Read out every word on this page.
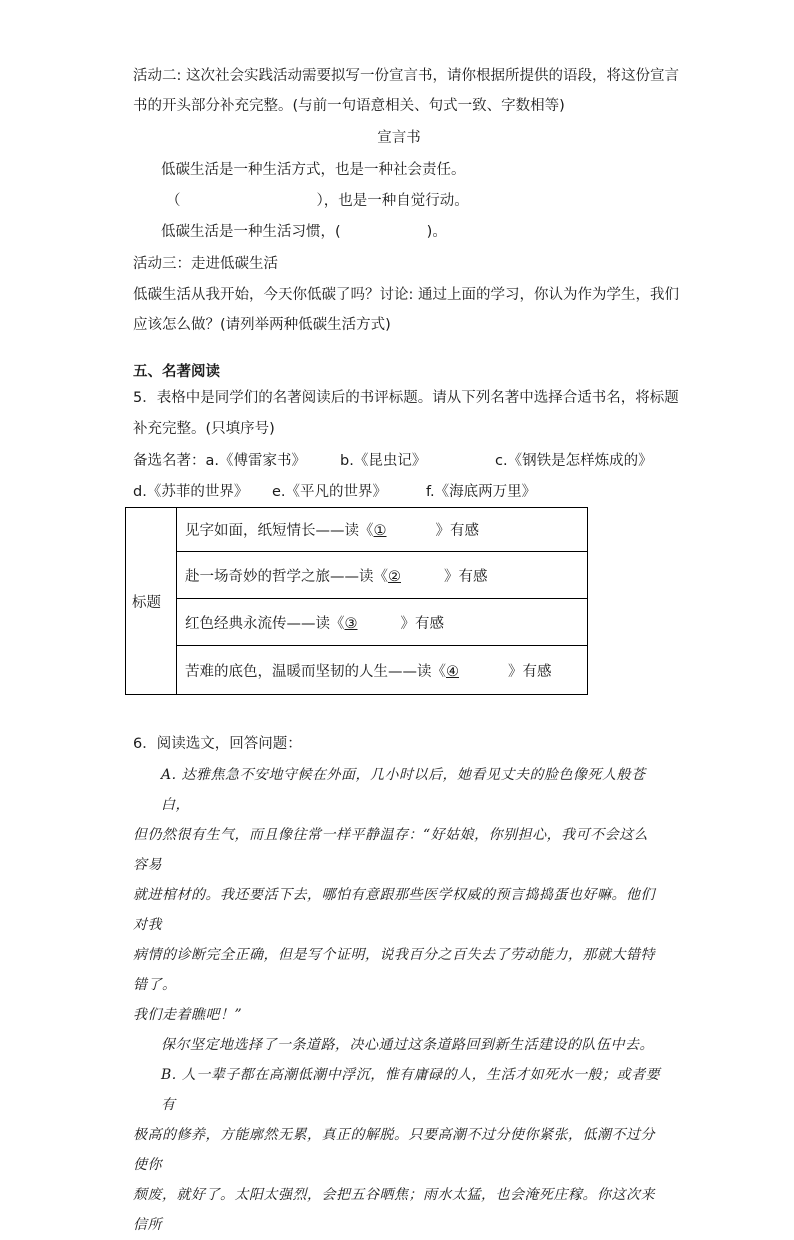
活动二: 这次社会实践活动需要拟写一份宣言书，请你根据所提供的语段，将这份宣言
书的开头部分补充完整。(与前一句语意相关、句式一致、字数相等)
宣言书
低碳生活是一种生活方式，也是一种社会责任。
（	），也是一种自觉行动。
低碳生活是一种生活习惯，(	)。
活动三：走进低碳生活
低碳生活从我开始，今天你低碳了吗？讨论: 通过上面的学习，你认为作为学生，我们
应该怎么做？(请列举两种低碳生活方式)
五、名著阅读
5．表格中是同学们的名著阅读后的书评标题。请从下列名著中选择合适书名，将标题
补充完整。(只填序号)
备选名著：a.《傅雷家书》 b.《昆虫记》	c.《钢铁是怎样炼成的》
d.《苏菲的世界》 e.《平凡的世界》	f.《海底两万里》
标题	见字如面，纸短情长——读《①	》有感
赴一场奇妙的哲学之旅——读《②	》有感
红色经典永流传——读《③	》有感
苦难的底色，温暖而坚韧的人生——读《④	》有感
6．阅读选文，回答问题：
A. 达雅焦急不安地守候在外面，几小时以后，她看见丈夫的脸色像死人般苍白，
但仍然很有生气，而且像往常一样平静温存：“好姑娘，你别担心，我可不会这么容易
就进棺材的。我还要活下去，哪怕有意跟那些医学权威的预言捣捣蛋也好嘛。他们对我
病情的诊断完全正确，但是写个证明，说我百分之百失去了劳动能力，那就大错特错了。
我们走着瞧吧！”
保尔坚定地选择了一条道路，决心通过这条道路回到新生活建设的队伍中去。
B. 人一辈子都在高潮低潮中浮沉，惟有庸碌的人，生活才如死水一般；或者要有
极高的修养，方能廓然无累，真正的解脱。只要高潮不过分使你紧张，低潮不过分使你
颓废，就好了。太阳太强烈，会把五谷晒焦；雨水太猛，也会淹死庄稼。你这次来信所
